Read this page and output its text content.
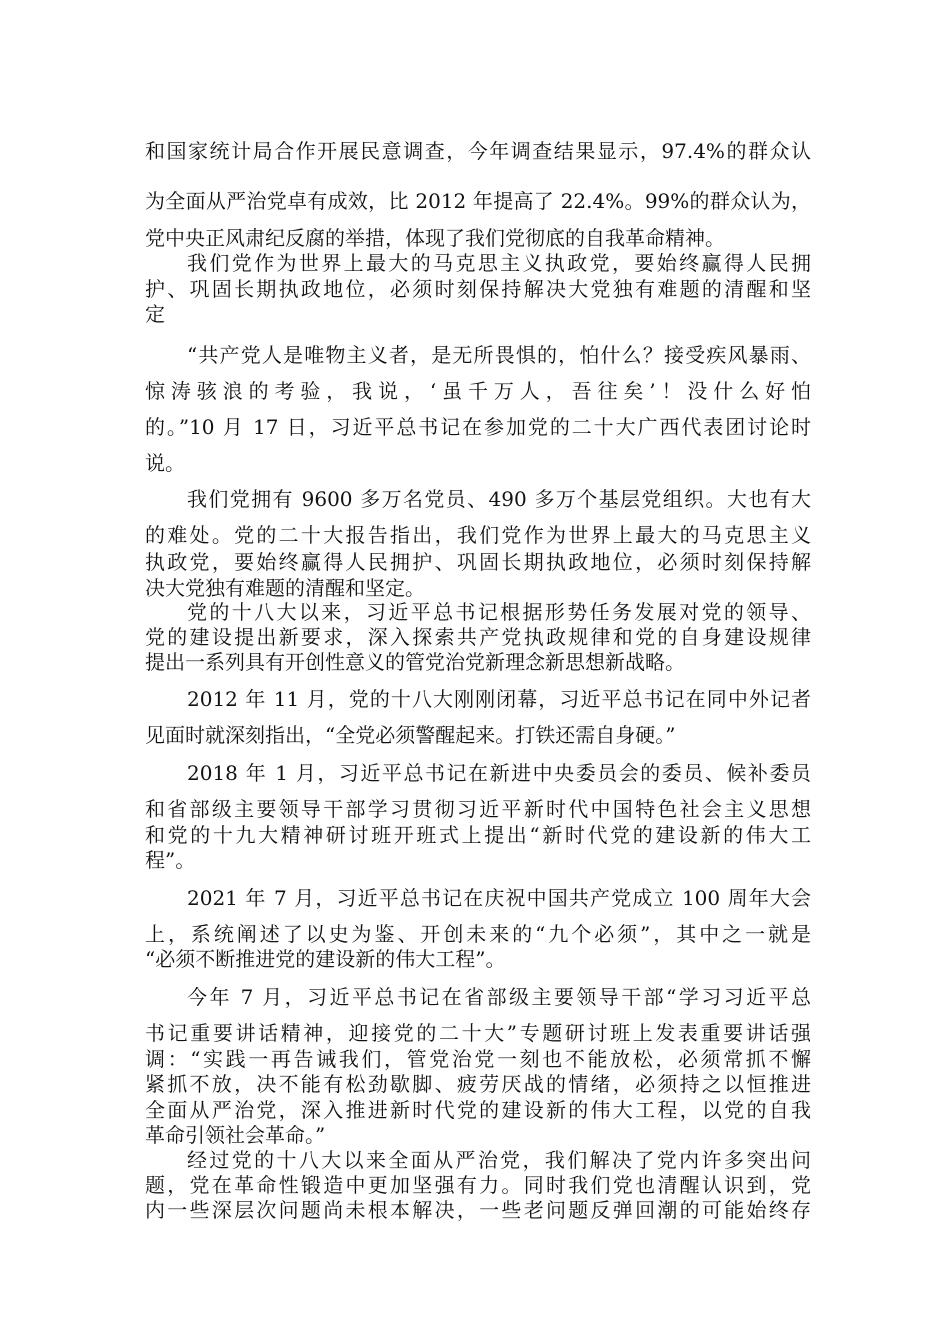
和国家统计局合作开展民意调查，今年调查结果显示，97.4%的群众认
为全面从严治党卓有成效，比 2012 年提高了 22.4%。99%的群众认为，
党中央正风肃纪反腐的举措，体现了我们党彻底的自我革命精神。
我们党作为世界上最大的马克思主义执政党，要始终赢得人民拥
护、巩固长期执政地位，必须时刻保持解决大党独有难题的清醒和坚
定
“共产党人是唯物主义者，是无所畏惧的，怕什么？接受疾风暴雨、
惊涛骇浪的考验，我说，‘虽千万人，吾往矣’！没什么好怕
的。”10 月 17 日，习近平总书记在参加党的二十大广西代表团讨论时
说。
我们党拥有 9600 多万名党员、490 多万个基层党组织。大也有大
的难处。党的二十大报告指出，我们党作为世界上最大的马克思主义
执政党，要始终赢得人民拥护、巩固长期执政地位，必须时刻保持解
决大党独有难题的清醒和坚定。
党的十八大以来，习近平总书记根据形势任务发展对党的领导、
党的建设提出新要求，深入探索共产党执政规律和党的自身建设规律
提出一系列具有开创性意义的管党治党新理念新思想新战略。
2012 年 11 月，党的十八大刚刚闭幕，习近平总书记在同中外记者
见面时就深刻指出，“全党必须警醒起来。打铁还需自身硬。”
2018 年 1 月，习近平总书记在新进中央委员会的委员、候补委员
和省部级主要领导干部学习贯彻习近平新时代中国特色社会主义思想
和党的十九大精神研讨班开班式上提出“新时代党的建设新的伟大工
程”。
2021 年 7 月，习近平总书记在庆祝中国共产党成立 100 周年大会
上，系统阐述了以史为鉴、开创未来的“九个必须”，其中之一就是
“必须不断推进党的建设新的伟大工程”。
今年 7 月，习近平总书记在省部级主要领导干部“学习习近平总
书记重要讲话精神，迎接党的二十大”专题研讨班上发表重要讲话强
调：“实践一再告诫我们，管党治党一刻也不能放松，必须常抓不懈
紧抓不放，决不能有松劲歇脚、疲劳厌战的情绪，必须持之以恒推进
全面从严治党，深入推进新时代党的建设新的伟大工程，以党的自我
革命引领社会革命。”
经过党的十八大以来全面从严治党，我们解决了党内许多突出问
题，党在革命性锻造中更加坚强有力。同时我们党也清醒认识到，党
内一些深层次问题尚未根本解决，一些老问题反弹回潮的可能始终存
